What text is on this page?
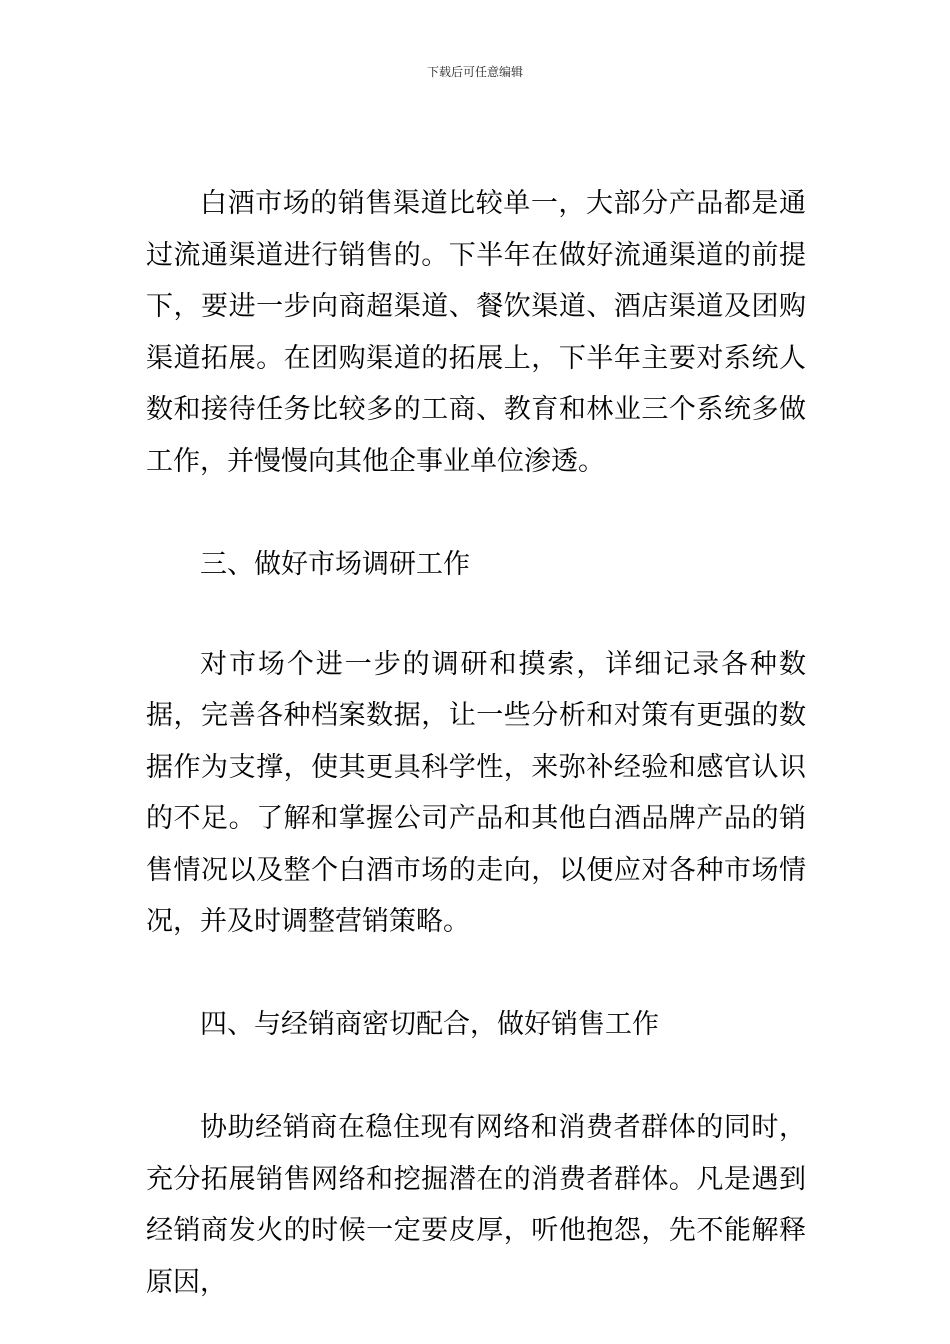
下载后可任意编辑

白酒市场的销售渠道比较单一，大部分产品都是通过流通渠道进行销售的。下半年在做好流通渠道的前提下，要进一步向商超渠道、餐饮渠道、酒店渠道及团购渠道拓展。在团购渠道的拓展上，下半年主要对系统人数和接待任务比较多的工商、教育和林业三个系统多做工作，并慢慢向其他企事业单位渗透。

三、做好市场调研工作

对市场个进一步的调研和摸索，详细记录各种数据，完善各种档案数据，让一些分析和对策有更强的数据作为支撑，使其更具科学性，来弥补经验和感官认识的不足。了解和掌握公司产品和其他白酒品牌产品的销售情况以及整个白酒市场的走向，以便应对各种市场情况，并及时调整营销策略。

四、与经销商密切配合，做好销售工作

协助经销商在稳住现有网络和消费者群体的同时，充分拓展销售网络和挖掘潜在的消费者群体。凡是遇到经销商发火的时候一定要皮厚，听他抱怨，先不能解释原因，
